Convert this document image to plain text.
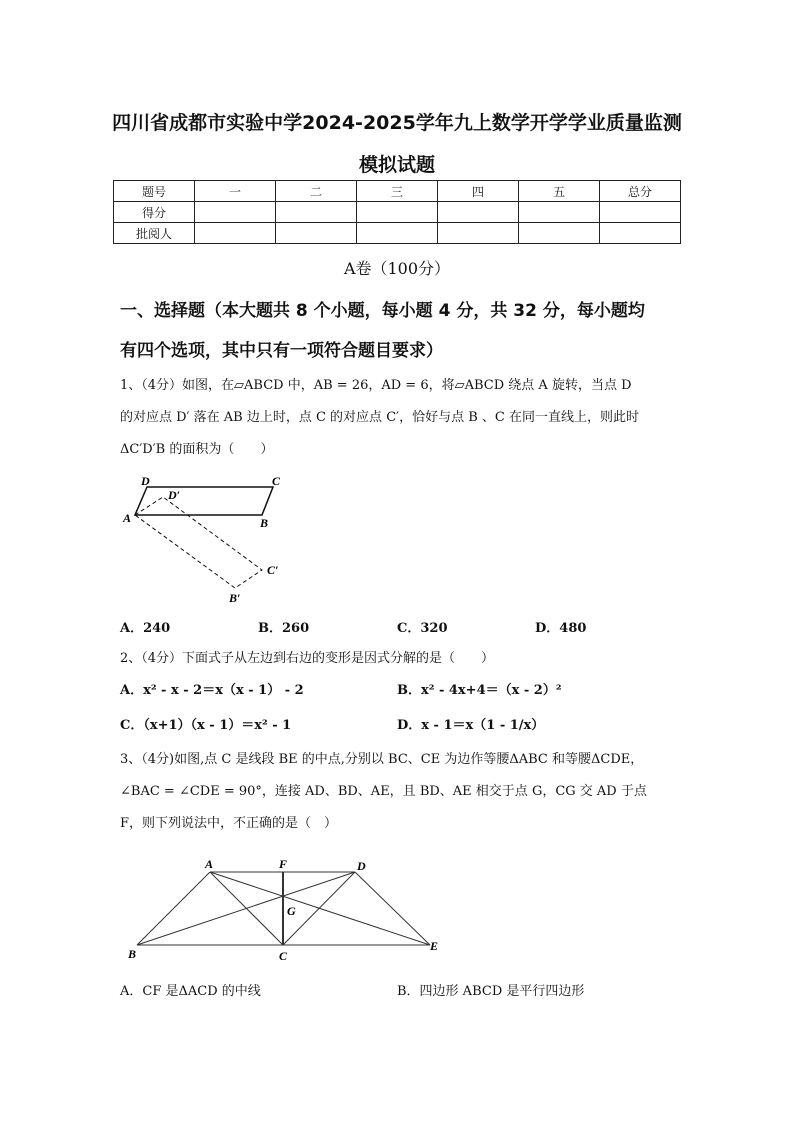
四川省成都市实验中学2024-2025学年九上数学开学学业质量监测
模拟试题
题号	一	二	三	四	五	总分
得分						
批阅人						
A卷（100分）
一、选择题（本大题共 8 个小题，每小题 4 分，共 32 分，每小题均
有四个选项，其中只有一项符合题目要求）
1、（4分）如图，在▱ABCD 中，AB = 26，AD = 6，将▱ABCD 绕点 A 旋转，当点 D
的对应点 D′ 落在 AB 边上时，点 C 的对应点 C′，恰好与点 B 、C 在同一直线上，则此时
ΔC′D′B 的面积为（　　）
D	C
A	B
D′
C′
B′
A	F	D
G
B	C
E
A．240	B．260	C．320	D．480
2、（4分）下面式子从左边到右边的变形是因式分解的是（　　）
A．x² - x - 2＝x（x - 1） - 2	B．x² - 4x+4＝（x - 2）²
C．（x+1）（x - 1）＝x² - 1	D．x - 1＝x（1 - 1/x）
3、（4分)如图,点 C 是线段 BE 的中点,分别以 BC、CE 为边作等腰ΔABC 和等腰ΔCDE，
∠BAC = ∠CDE = 90°，连接 AD、BD、AE，且 BD、AE 相交于点 G，CG 交 AD 于点
F，则下列说法中，不正确的是（　）
A．CF 是ΔACD 的中线	B．四边形 ABCD 是平行四边形
